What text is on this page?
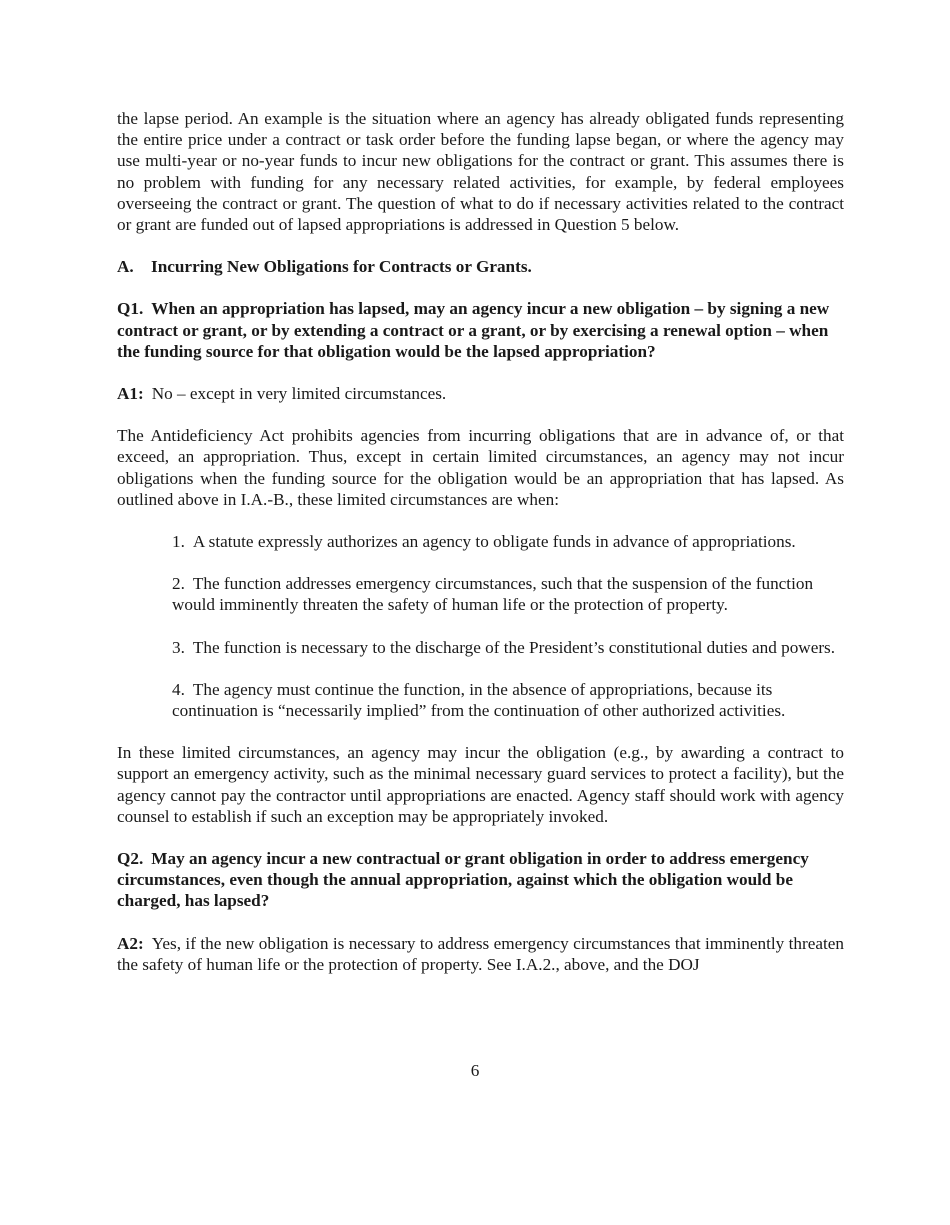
the lapse period. An example is the situation where an agency has already obligated funds representing the entire price under a contract or task order before the funding lapse began, or where the agency may use multi-year or no-year funds to incur new obligations for the contract or grant. This assumes there is no problem with funding for any necessary related activities, for example, by federal employees overseeing the contract or grant. The question of what to do if necessary activities related to the contract or grant are funded out of lapsed appropriations is addressed in Question 5 below.

A. Incurring New Obligations for Contracts or Grants.

Q1. When an appropriation has lapsed, may an agency incur a new obligation – by signing a new contract or grant, or by extending a contract or a grant, or by exercising a renewal option – when the funding source for that obligation would be the lapsed appropriation?

A1: No – except in very limited circumstances.

The Antideficiency Act prohibits agencies from incurring obligations that are in advance of, or that exceed, an appropriation. Thus, except in certain limited circumstances, an agency may not incur obligations when the funding source for the obligation would be an appropriation that has lapsed. As outlined above in I.A.-B., these limited circumstances are when:

1. A statute expressly authorizes an agency to obligate funds in advance of appropriations.
2. The function addresses emergency circumstances, such that the suspension of the function would imminently threaten the safety of human life or the protection of property.
3. The function is necessary to the discharge of the President’s constitutional duties and powers.
4. The agency must continue the function, in the absence of appropriations, because its continuation is “necessarily implied” from the continuation of other authorized activities.

In these limited circumstances, an agency may incur the obligation (e.g., by awarding a contract to support an emergency activity, such as the minimal necessary guard services to protect a facility), but the agency cannot pay the contractor until appropriations are enacted. Agency staff should work with agency counsel to establish if such an exception may be appropriately invoked.

Q2. May an agency incur a new contractual or grant obligation in order to address emergency circumstances, even though the annual appropriation, against which the obligation would be charged, has lapsed?

A2: Yes, if the new obligation is necessary to address emergency circumstances that imminently threaten the safety of human life or the protection of property. See I.A.2., above, and the DOJ

6
